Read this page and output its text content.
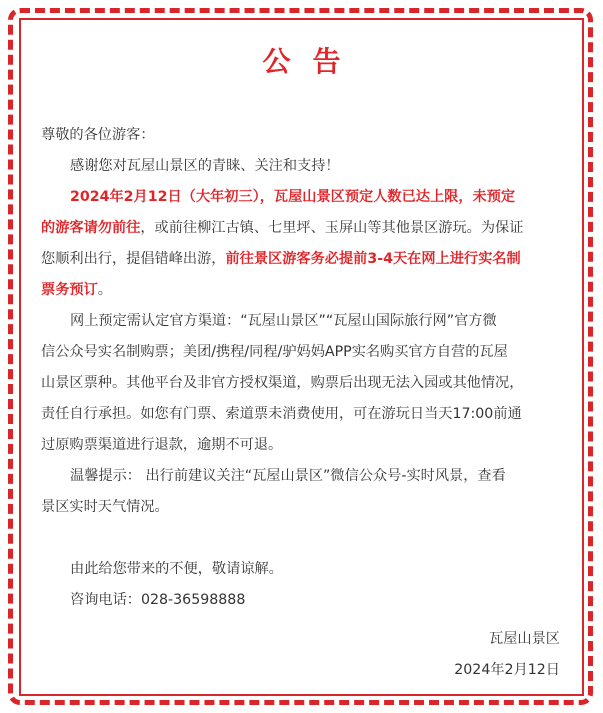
公告
尊敬的各位游客：
感谢您对瓦屋山景区的青睐、关注和支持！
2024年2月12日（大年初三），瓦屋山景区预定人数已达上限，未预定
的游客请勿前往，或前往柳江古镇、七里坪、玉屏山等其他景区游玩。为保证
您顺利出行，提倡错峰出游，前往景区游客务必提前3-4天在网上进行实名制
票务预订。
网上预定需认定官方渠道：“瓦屋山景区”“瓦屋山国际旅行网”官方微
信公众号实名制购票；美团/携程/同程/驴妈妈APP实名购买官方自营的瓦屋
山景区票种。其他平台及非官方授权渠道，购票后出现无法入园或其他情况，
责任自行承担。如您有门票、索道票未消费使用，可在游玩日当天17:00前通
过原购票渠道进行退款，逾期不可退。
温馨提示： 出行前建议关注“瓦屋山景区”微信公众号-实时风景，查看
景区实时天气情况。
由此给您带来的不便，敬请谅解。
咨询电话：028-36598888
瓦屋山景区
2024年2月12日
